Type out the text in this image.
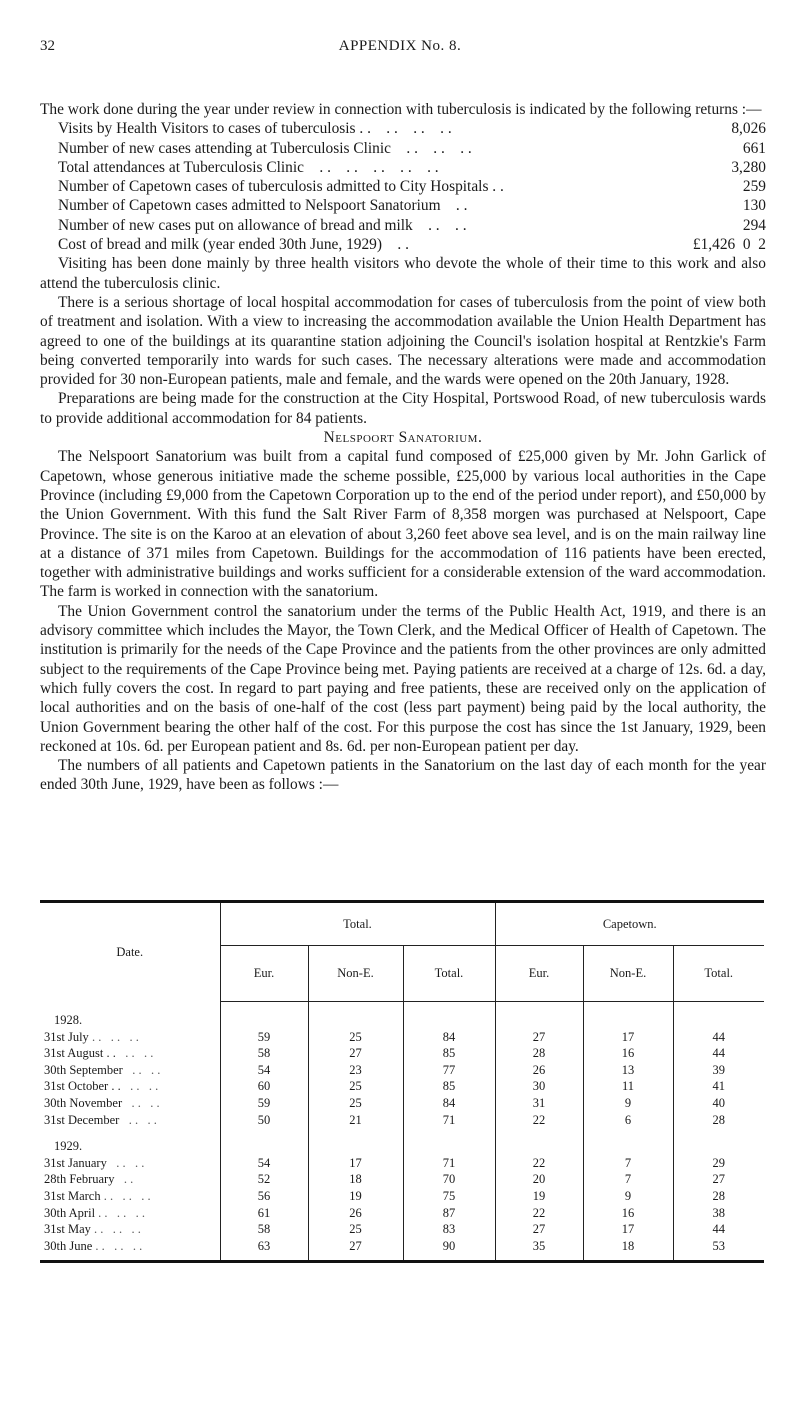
32	APPENDIX No. 8.

The work done during the year under review in connection with tuberculosis is indicated by the following returns :—

Visits by Health Visitors to cases of tuberculosis . .    . .    . .    . .	8,026
Number of new cases attending at Tuberculosis Clinic    . .    . .    . .	661
Total attendances at Tuberculosis Clinic    . .    . .    . .    . .    . .	3,280
Number of Capetown cases of tuberculosis admitted to City Hospitals . .	259
Number of Capetown cases admitted to Nelspoort Sanatorium    . .	130
Number of new cases put on allowance of bread and milk    . .    . .	294
Cost of bread and milk (year ended 30th June, 1929)    . .	£1,426  0  2

Visiting has been done mainly by three health visitors who devote the whole of their time to this work and also attend the tuberculosis clinic.

There is a serious shortage of local hospital accommodation for cases of tuberculosis from the point of view both of treatment and isolation. With a view to increasing the accommodation available the Union Health Department has agreed to one of the buildings at its quarantine station adjoining the Council's isolation hospital at Rentzkie's Farm being converted temporarily into wards for such cases. The necessary alterations were made and accommodation provided for 30 non-European patients, male and female, and the wards were opened on the 20th January, 1928.

Preparations are being made for the construction at the City Hospital, Portswood Road, of new tuberculosis wards to provide additional accommodation for 84 patients.

Nelspoort Sanatorium.

The Nelspoort Sanatorium was built from a capital fund composed of £25,000 given by Mr. John Garlick of Capetown, whose generous initiative made the scheme possible, £25,000 by various local authorities in the Cape Province (including £9,000 from the Capetown Corporation up to the end of the period under report), and £50,000 by the Union Government. With this fund the Salt River Farm of 8,358 morgen was purchased at Nelspoort, Cape Province. The site is on the Karoo at an elevation of about 3,260 feet above sea level, and is on the main railway line at a distance of 371 miles from Capetown. Buildings for the accommodation of 116 patients have been erected, together with administrative buildings and works sufficient for a considerable extension of the ward accommodation. The farm is worked in connection with the sanatorium.

The Union Government control the sanatorium under the terms of the Public Health Act, 1919, and there is an advisory committee which includes the Mayor, the Town Clerk, and the Medical Officer of Health of Capetown. The institution is primarily for the needs of the Cape Province and the patients from the other provinces are only admitted subject to the requirements of the Cape Province being met. Paying patients are received at a charge of 12s. 6d. a day, which fully covers the cost. In regard to part paying and free patients, these are received only on the application of local authorities and on the basis of one-half of the cost (less part payment) being paid by the local authority, the Union Government bearing the other half of the cost. For this purpose the cost has since the 1st January, 1929, been reckoned at 10s. 6d. per European patient and 8s. 6d. per non-European patient per day.

The numbers of all patients and Capetown patients in the Sanatorium on the last day of each month for the year ended 30th June, 1929, have been as follows :—

Date.	Total.			Capetown.		
	Eur.	Non-E.	Total.	Eur.	Non-E.	Total.
1928.						
31st July . .   . .   . .	59	25	84	27	17	44
31st August . .   . .   . .	58	27	85	28	16	44
30th September   . .   . .	54	23	77	26	13	39
31st October . .   . .   . .	60	25	85	30	11	41
30th November   . .   . .	59	25	84	31	9	40
31st December   . .   . .	50	21	71	22	6	28
1929.						
31st January   . .   . .	54	17	71	22	7	29
28th February   . .	52	18	70	20	7	27
31st March . .   . .   . .	56	19	75	19	9	28
30th April . .   . .   . .	61	26	87	22	16	38
31st May . .   . .   . .	58	25	83	27	17	44
30th June . .   . .   . .	63	27	90	35	18	53
